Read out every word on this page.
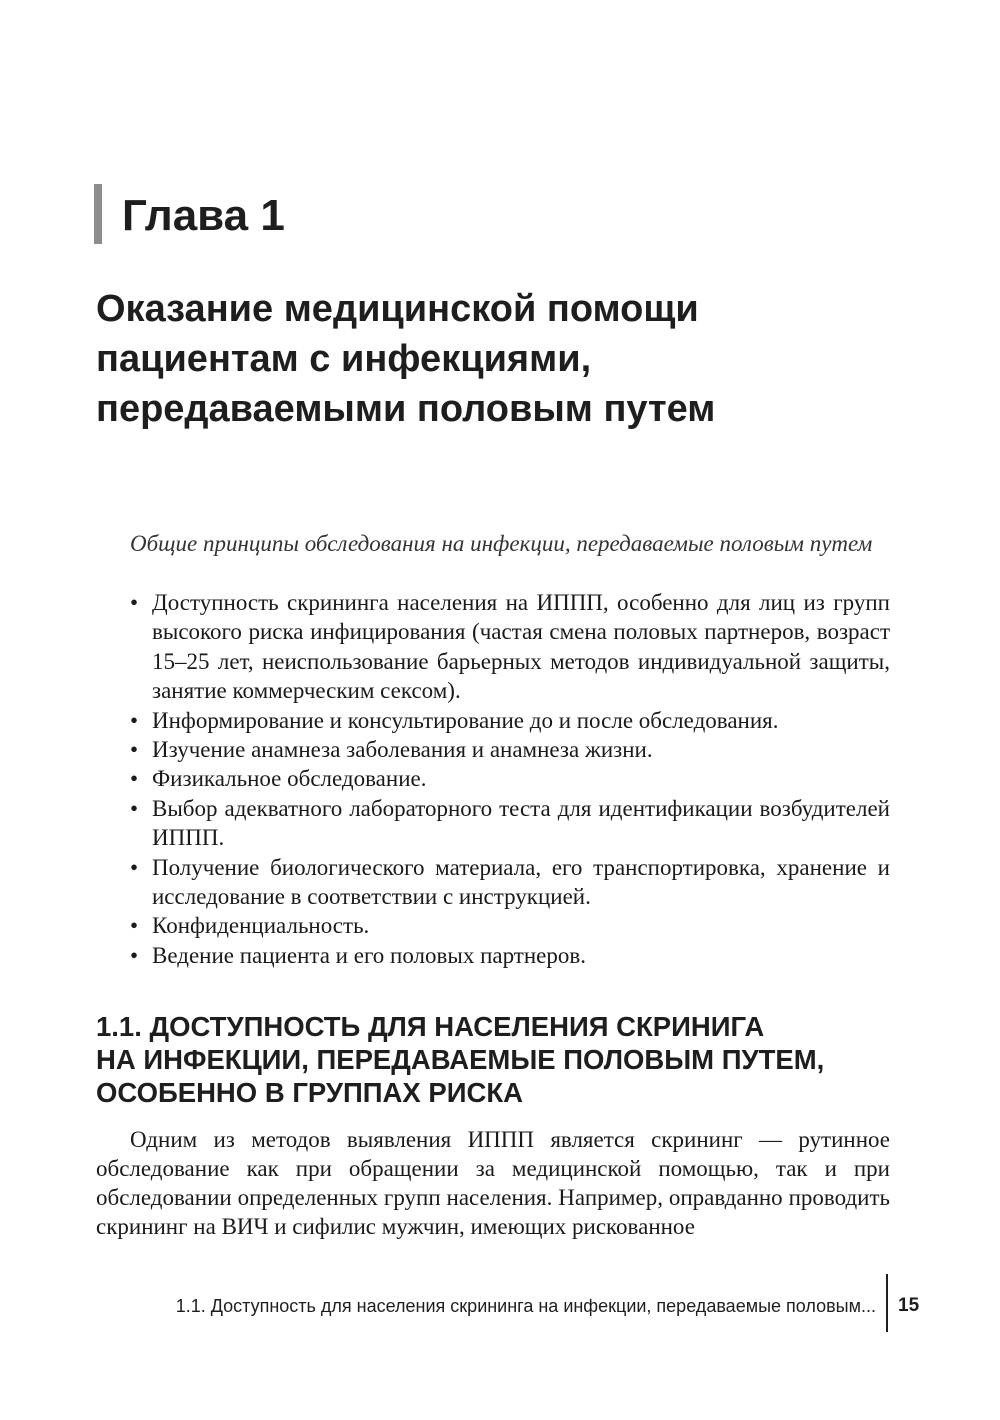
Глава 1
Оказание медицинской помощи
пациентам с инфекциями,
передаваемыми половым путем

Общие принципы обследования на инфекции, передаваемые половым путем

• Доступность скрининга населения на ИППП, особенно для лиц из групп высокого риска инфицирования (частая смена половых партнеров, возраст 15–25 лет, неиспользование барьерных методов индивидуальной защиты, занятие коммерческим сексом).
• Информирование и консультирование до и после обследования.
• Изучение анамнеза заболевания и анамнеза жизни.
• Физикальное обследование.
• Выбор адекватного лабораторного теста для идентификации возбудителей ИППП.
• Получение биологического материала, его транспортировка, хранение и исследование в соответствии с инструкцией.
• Конфиденциальность.
• Ведение пациента и его половых партнеров.
1.1. ДОСТУПНОСТЬ ДЛЯ НАСЕЛЕНИЯ СКРИНИГА
НА ИНФЕКЦИИ, ПЕРЕДАВАЕМЫЕ ПОЛОВЫМ ПУТЕМ,
ОСОБЕННО В ГРУППАХ РИСКА

Одним из методов выявления ИППП является скрининг — рутинное обследование как при обращении за медицинской помощью, так и при обследовании определенных групп населения. Например, оправданно проводить скрининг на ВИЧ и сифилис мужчин, имеющих рискованное

1.1. Доступность для населения скрининга на инфекции, передаваемые половым... 15
